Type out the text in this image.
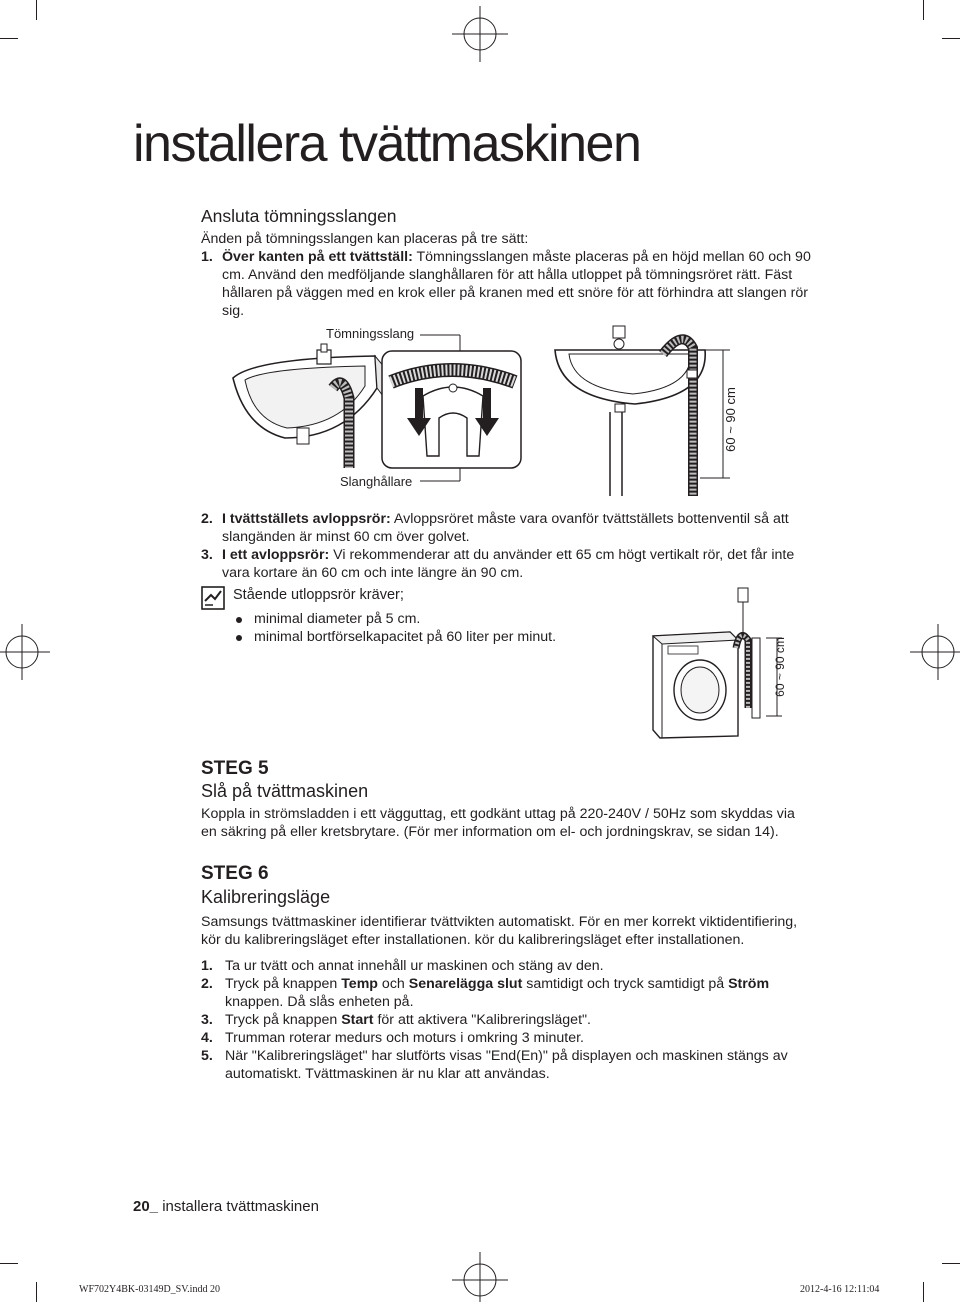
installera tvättmaskinen
Ansluta tömningsslangen
Änden på tömningsslangen kan placeras på tre sätt:
1. Över kanten på ett tvättställ: Tömningsslangen måste placeras på en höjd mellan 60 och 90
cm. Använd den medföljande slanghållaren för att hålla utloppet på tömningsröret rätt. Fäst
hållaren på väggen med en krok eller på kranen med ett snöre för att förhindra att slangen rör
sig.
Tömningsslang
Slanghållare
60 ~ 90 cm
2. I tvättställets avloppsrör: Avloppsröret måste vara ovanför tvättställets bottenventil så att
slangänden är minst 60 cm över golvet.
3. I ett avloppsrör: Vi rekommenderar att du använder ett 65 cm högt vertikalt rör, det får inte
vara kortare än 60 cm och inte längre än 90 cm.
Stående utloppsrör kräver;
minimal diameter på 5 cm.
minimal bortförselkapacitet på 60 liter per minut.
60 ~ 90 cm
STEG 5
Slå på tvättmaskinen
Koppla in strömsladden i ett vägguttag, ett godkänt uttag på 220-240V / 50Hz som skyddas via
en säkring på eller kretsbrytare. (För mer information om el- och jordningskrav, se sidan 14).
STEG 6
Kalibreringsläge
Samsungs tvättmaskiner identifierar tvättvikten automatiskt. För en mer korrekt viktidentifiering,
kör du kalibreringsläget efter installationen. kör du kalibreringsläget efter installationen.
1. Ta ur tvätt och annat innehåll ur maskinen och stäng av den.
2. Tryck på knappen Temp och Senarelägga slut samtidigt och tryck samtidigt på Ström
knappen. Då slås enheten på.
3. Tryck på knappen Start för att aktivera "Kalibreringsläget".
4. Trumman roterar medurs och moturs i omkring 3 minuter.
5. När "Kalibreringsläget" har slutförts visas "End(En)" på displayen och maskinen stängs av
automatiskt. Tvättmaskinen är nu klar att användas.
20_ installera tvättmaskinen
WF702Y4BK-03149D_SV.indd 20	2012-4-16 12:11:04
